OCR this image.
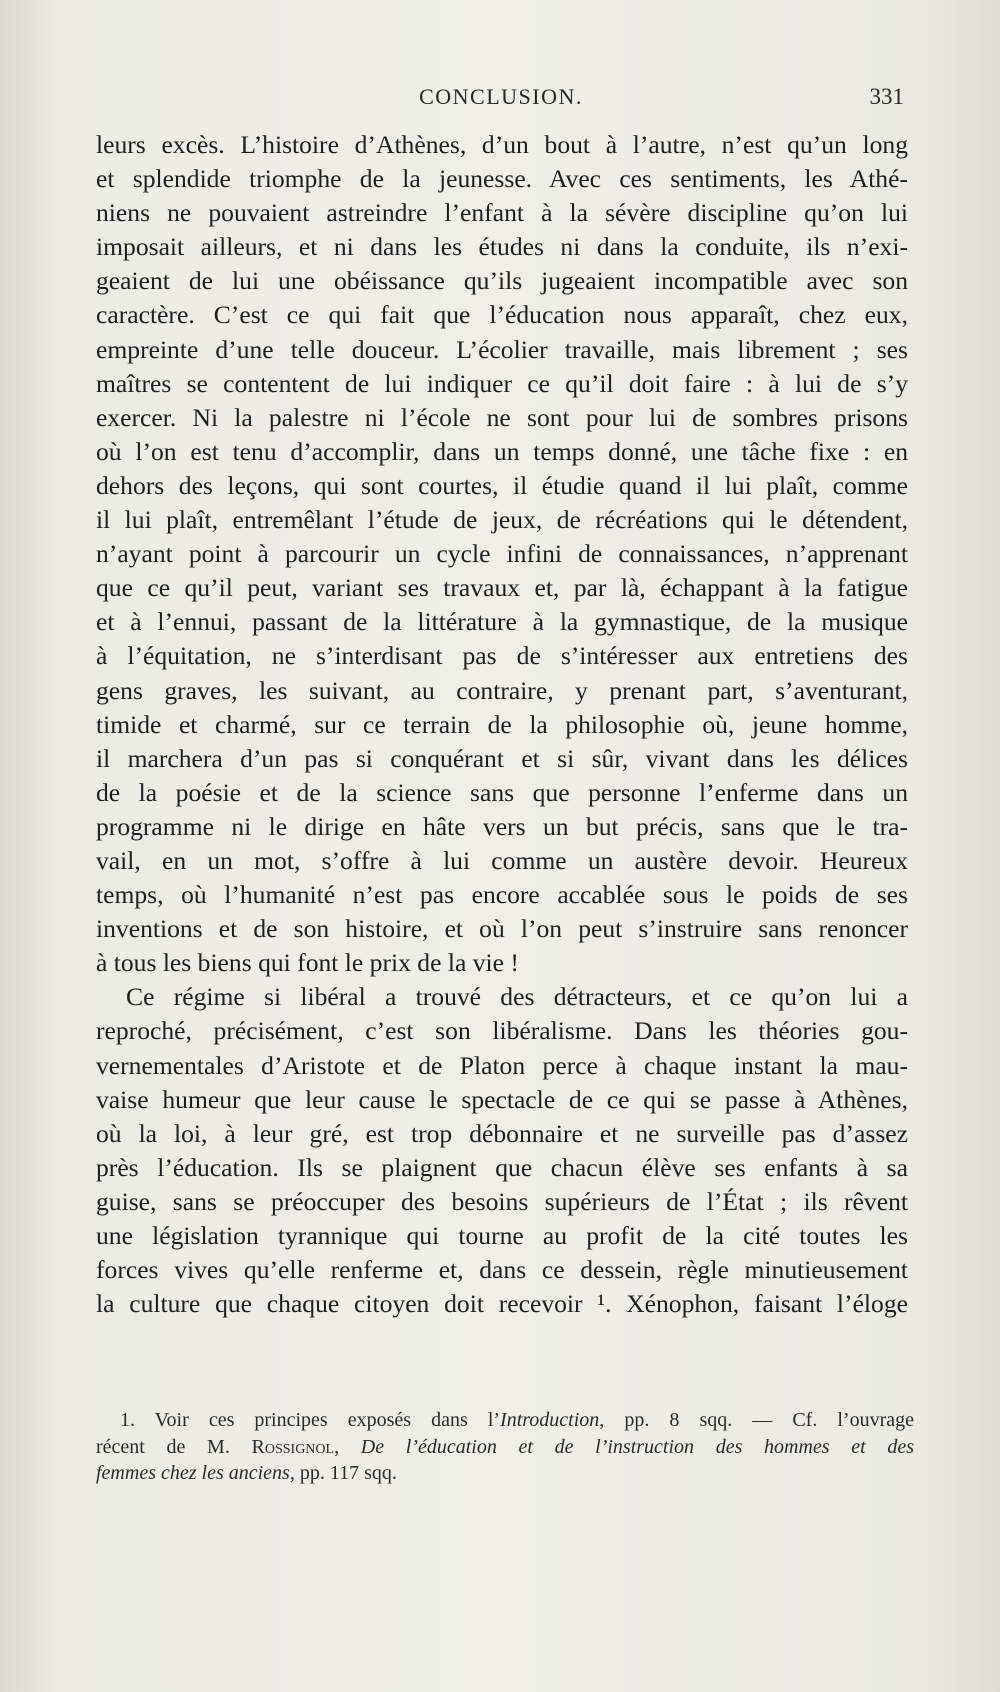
CONCLUSION.	331
leurs excès. L’histoire d’Athènes, d’un bout à l’autre, n’est qu’un long
et splendide triomphe de la jeunesse. Avec ces sentiments, les Athé-
niens ne pouvaient astreindre l’enfant à la sévère discipline qu’on lui
imposait ailleurs, et ni dans les études ni dans la conduite, ils n’exi-
geaient de lui une obéissance qu’ils jugeaient incompatible avec son
caractère. C’est ce qui fait que l’éducation nous apparaît, chez eux,
empreinte d’une telle douceur. L’écolier travaille, mais librement ; ses
maîtres se contentent de lui indiquer ce qu’il doit faire : à lui de s’y
exercer. Ni la palestre ni l’école ne sont pour lui de sombres prisons
où l’on est tenu d’accomplir, dans un temps donné, une tâche fixe : en
dehors des leçons, qui sont courtes, il étudie quand il lui plaît, comme
il lui plaît, entremêlant l’étude de jeux, de récréations qui le détendent,
n’ayant point à parcourir un cycle infini de connaissances, n’apprenant
que ce qu’il peut, variant ses travaux et, par là, échappant à la fatigue
et à l’ennui, passant de la littérature à la gymnastique, de la musique
à l’équitation, ne s’interdisant pas de s’intéresser aux entretiens des
gens graves, les suivant, au contraire, y prenant part, s’aventurant,
timide et charmé, sur ce terrain de la philosophie où, jeune homme,
il marchera d’un pas si conquérant et si sûr, vivant dans les délices
de la poésie et de la science sans que personne l’enferme dans un
programme ni le dirige en hâte vers un but précis, sans que le tra-
vail, en un mot, s’offre à lui comme un austère devoir. Heureux
temps, où l’humanité n’est pas encore accablée sous le poids de ses
inventions et de son histoire, et où l’on peut s’instruire sans renoncer
à tous les biens qui font le prix de la vie !
Ce régime si libéral a trouvé des détracteurs, et ce qu’on lui a
reproché, précisément, c’est son libéralisme. Dans les théories gou-
vernementales d’Aristote et de Platon perce à chaque instant la mau-
vaise humeur que leur cause le spectacle de ce qui se passe à Athènes,
où la loi, à leur gré, est trop débonnaire et ne surveille pas d’assez
près l’éducation. Ils se plaignent que chacun élève ses enfants à sa
guise, sans se préoccuper des besoins supérieurs de l’État ; ils rêvent
une législation tyrannique qui tourne au profit de la cité toutes les
forces vives qu’elle renferme et, dans ce dessein, règle minutieusement
la culture que chaque citoyen doit recevoir ¹. Xénophon, faisant l’éloge
1. Voir ces principes exposés dans l’Introduction, pp. 8 sqq. — Cf. l’ouvrage
récent de M. Rossignol, De l’éducation et de l’instruction des hommes et des
femmes chez les anciens, pp. 117 sqq.
